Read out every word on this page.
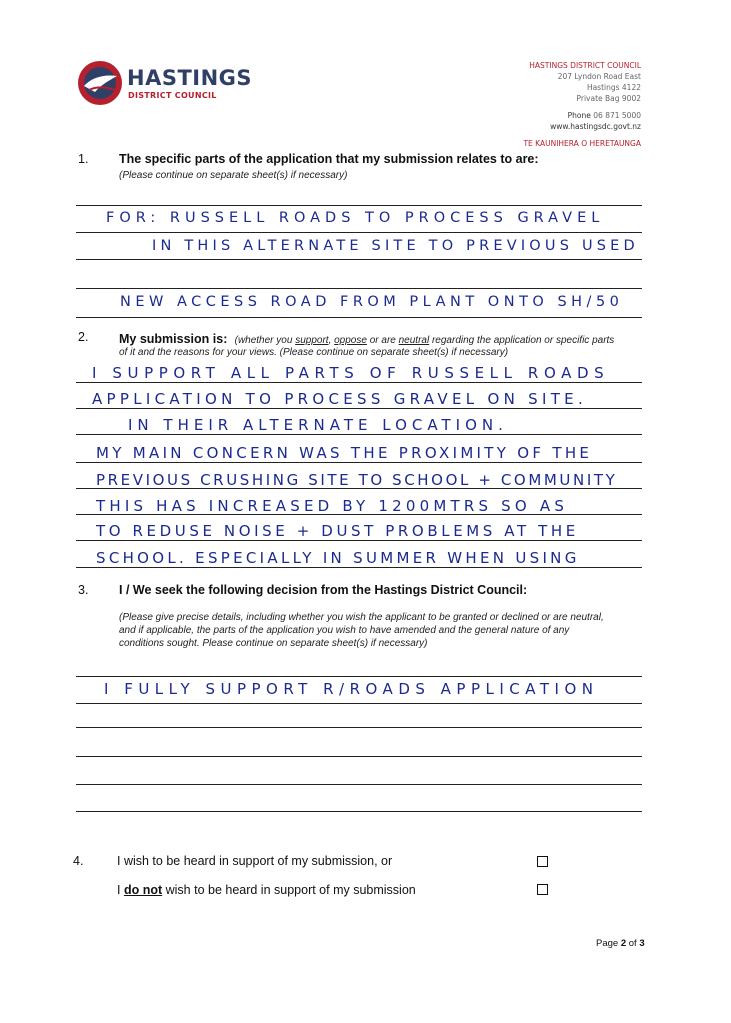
HASTINGS
DISTRICT COUNCIL
HASTINGS DISTRICT COUNCIL
207 Lyndon Road East
Hastings 4122
Private Bag 9002
Phone 06 871 5000
www.hastingsdc.govt.nz
TE KAUNIHERA O HERETAUNGA
1. The specific parts of the application that my submission relates to are:
(Please continue on separate sheet(s) if necessary)
FOR: RUSSELL ROADS TO PROCESS GRAVEL
IN THIS ALTERNATE SITE TO PREVIOUS USED
NEW ACCESS ROAD FROM PLANT ONTO SH/50
2. My submission is: (whether you support, oppose or are neutral regarding the application or specific parts
of it and the reasons for your views. (Please continue on separate sheet(s) if necessary)
I SUPPORT ALL PARTS OF RUSSELL ROADS
APPLICATION TO PROCESS GRAVEL ON SITE.
IN THEIR ALTERNATE LOCATION.
MY MAIN CONCERN WAS THE PROXIMITY OF THE
PREVIOUS CRUSHING SITE TO SCHOOL + COMMUNITY
THIS HAS INCREASED BY 1200MTRS SO AS
TO REDUSE NOISE + DUST PROBLEMS AT THE
SCHOOL. ESPECIALLY IN SUMMER WHEN USING
3. I / We seek the following decision from the Hastings District Council:
(Please give precise details, including whether you wish the applicant to be granted or declined or are neutral,
and if applicable, the parts of the application you wish to have amended and the general nature of any
conditions sought. Please continue on separate sheet(s) if necessary)
I FULLY SUPPORT R/ROADS APPLICATION
4.	I wish to be heard in support of my submission, or
I do not wish to be heard in support of my submission
Page 2 of 3
